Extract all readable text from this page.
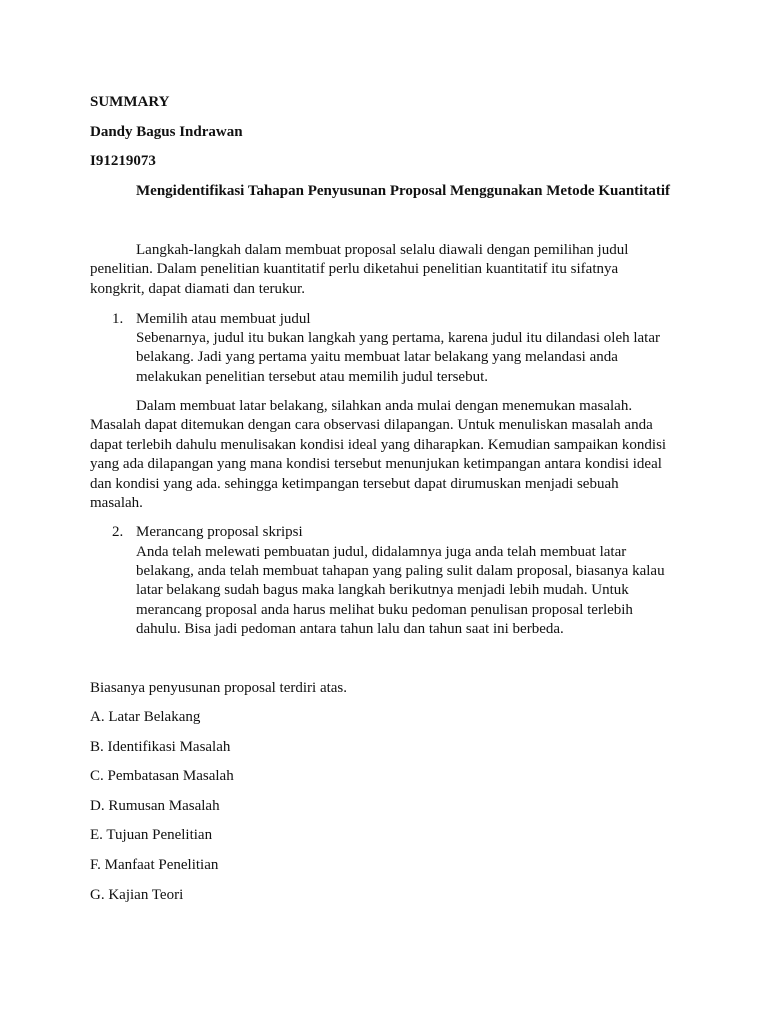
SUMMARY
Dandy Bagus Indrawan
I91219073
Mengidentifikasi Tahapan Penyusunan Proposal Menggunakan Metode Kuantitatif
Langkah-langkah dalam membuat proposal selalu diawali dengan pemilihan judul
penelitian. Dalam penelitian kuantitatif perlu diketahui penelitian kuantitatif itu sifatnya
kongkrit, dapat diamati dan terukur.
1. Memilih atau membuat judul
Sebenarnya, judul itu bukan langkah yang pertama, karena judul itu dilandasi oleh latar
belakang. Jadi yang pertama yaitu membuat latar belakang yang melandasi anda
melakukan penelitian tersebut atau memilih judul tersebut.
Dalam membuat latar belakang, silahkan anda mulai dengan menemukan masalah.
Masalah dapat ditemukan dengan cara observasi dilapangan. Untuk menuliskan masalah anda
dapat terlebih dahulu menulisakan kondisi ideal yang diharapkan. Kemudian sampaikan kondisi
yang ada dilapangan yang mana kondisi tersebut menunjukan ketimpangan antara kondisi ideal
dan kondisi yang ada. sehingga ketimpangan tersebut dapat dirumuskan menjadi sebuah
masalah.
2. Merancang proposal skripsi
Anda telah melewati pembuatan judul, didalamnya juga anda telah membuat latar
belakang, anda telah membuat tahapan yang paling sulit dalam proposal, biasanya kalau
latar belakang sudah bagus maka langkah berikutnya menjadi lebih mudah. Untuk
merancang proposal anda harus melihat buku pedoman penulisan proposal terlebih
dahulu. Bisa jadi pedoman antara tahun lalu dan tahun saat ini berbeda.
Biasanya penyusunan proposal terdiri atas.
A. Latar Belakang
B. Identifikasi Masalah
C. Pembatasan Masalah
D. Rumusan Masalah
E. Tujuan Penelitian
F. Manfaat Penelitian
G. Kajian Teori
